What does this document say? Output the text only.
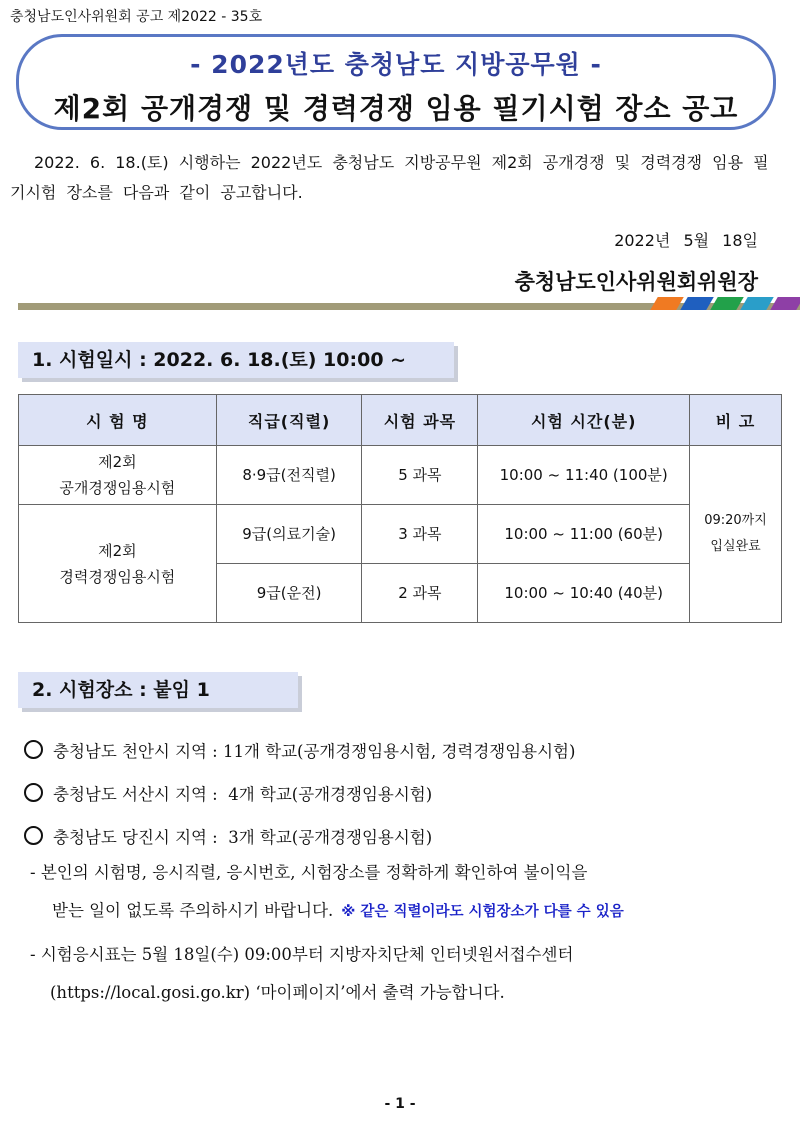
충청남도인사위원회 공고 제2022 - 35호
- 2022년도 충청남도 지방공무원 -
제2회 공개경쟁 및 경력경쟁 임용 필기시험 장소 공고
2022. 6. 18.(토) 시행하는 2022년도 충청남도 지방공무원 제2회 공개경쟁 및 경력경쟁 임용 필기시험 장소를 다음과 같이 공고합니다.
2022년 5월 18일
충청남도인사위원회위원장
1. 시험일시 : 2022. 6. 18.(토) 10:00 ~
시 험 명	직급(직렬)	시험 과목	시험 시간(분)	비 고
제2회
공개경쟁임용시험	8·9급(전직렬)	5 과목	10:00 ~ 11:40 (100분)	09:20까지
입실완료
제2회
경력경쟁임용시험	9급(의료기술)	3 과목	10:00 ~ 11:00 (60분)	
	9급(운전)	2 과목	10:00 ~ 10:40 (40분)	
2. 시험장소 : 붙임 1
충청남도 천안시 지역 : 11개 학교(공개경쟁임용시험, 경력경쟁임용시험)
충청남도 서산시 지역 :  4개 학교(공개경쟁임용시험)
충청남도 당진시 지역 :  3개 학교(공개경쟁임용시험)
- 본인의 시험명, 응시직렬, 응시번호, 시험장소를 정확하게 확인하여 불이익을
받는 일이 없도록 주의하시기 바랍니다. ※ 같은 직렬이라도 시험장소가 다를 수 있음
- 시험응시표는 5월 18일(수) 09:00부터 지방자치단체 인터넷원서접수센터
(https://local.gosi.go.kr) ‘마이페이지’에서 출력 가능합니다.
- 1 -
